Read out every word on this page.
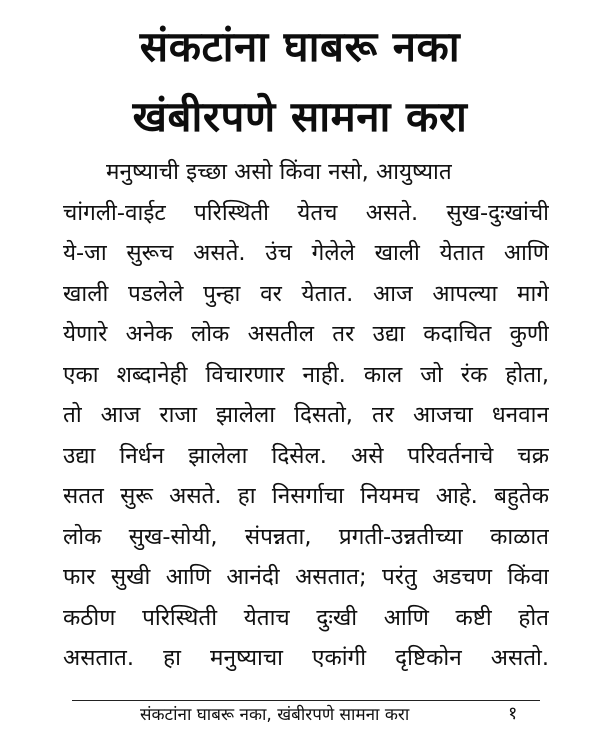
संकटांना घाबरू नका
खंबीरपणे सामना करा
मनुष्याची इच्छा असो किंवा नसो, आयुष्यात
चांगली-वाईट परिस्थिती येतच असते. सुख-दुःखांची
ये-जा सुरूच असते. उंच गेलेले खाली येतात आणि
खाली पडलेले पुन्हा वर येतात. आज आपल्या मागे
येणारे अनेक लोक असतील तर उद्या कदाचित कुणी
एका शब्दानेही विचारणार नाही. काल जो रंक होता,
तो आज राजा झालेला दिसतो, तर आजचा धनवान
उद्या निर्धन झालेला दिसेल. असे परिवर्तनाचे चक्र
सतत सुरू असते. हा निसर्गाचा नियमच आहे. बहुतेक
लोक सुख-सोयी, संपन्नता, प्रगती-उन्नतीच्या काळात
फार सुखी आणि आनंदी असतात; परंतु अडचण किंवा
कठीण परिस्थिती येताच दुःखी आणि कष्टी होत
असतात. हा मनुष्याचा एकांगी दृष्टिकोन असतो.
संकटांना घाबरू नका, खंबीरपणे सामना करा	१
